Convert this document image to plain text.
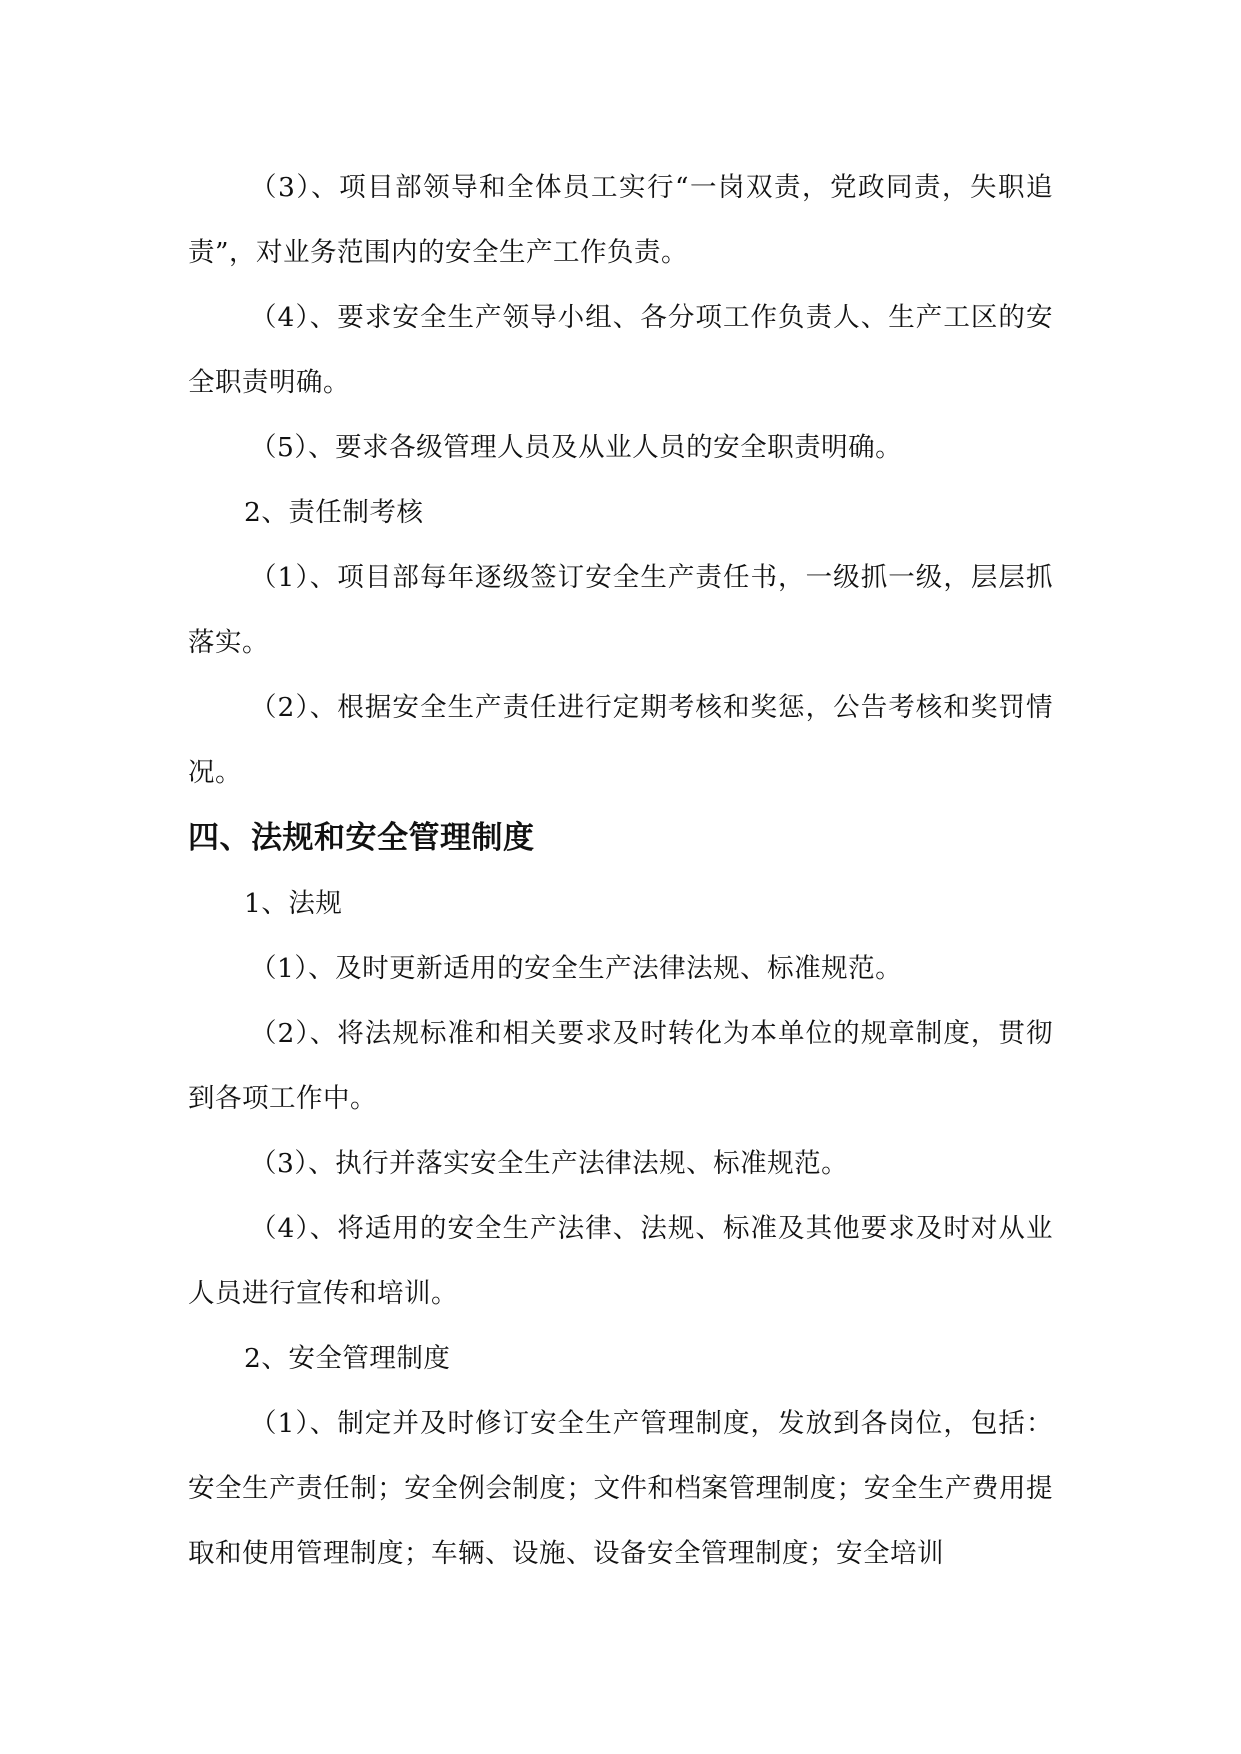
（3）、项目部领导和全体员工实行“一岗双责，党政同责，失职追责”，对业务范围内的安全生产工作负责。

（4）、要求安全生产领导小组、各分项工作负责人、生产工区的安全职责明确。

（5）、要求各级管理人员及从业人员的安全职责明确。

2、责任制考核

（1）、项目部每年逐级签订安全生产责任书，一级抓一级，层层抓落实。

（2）、根据安全生产责任进行定期考核和奖惩，公告考核和奖罚情况。

四、法规和安全管理制度

1、法规

（1）、及时更新适用的安全生产法律法规、标准规范。

（2）、将法规标准和相关要求及时转化为本单位的规章制度，贯彻到各项工作中。

（3）、执行并落实安全生产法律法规、标准规范。

（4）、将适用的安全生产法律、法规、标准及其他要求及时对从业人员进行宣传和培训。

2、安全管理制度

（1）、制定并及时修订安全生产管理制度，发放到各岗位，包括：安全生产责任制；安全例会制度；文件和档案管理制度；安全生产费用提取和使用管理制度；车辆、设施、设备安全管理制度；安全培训
